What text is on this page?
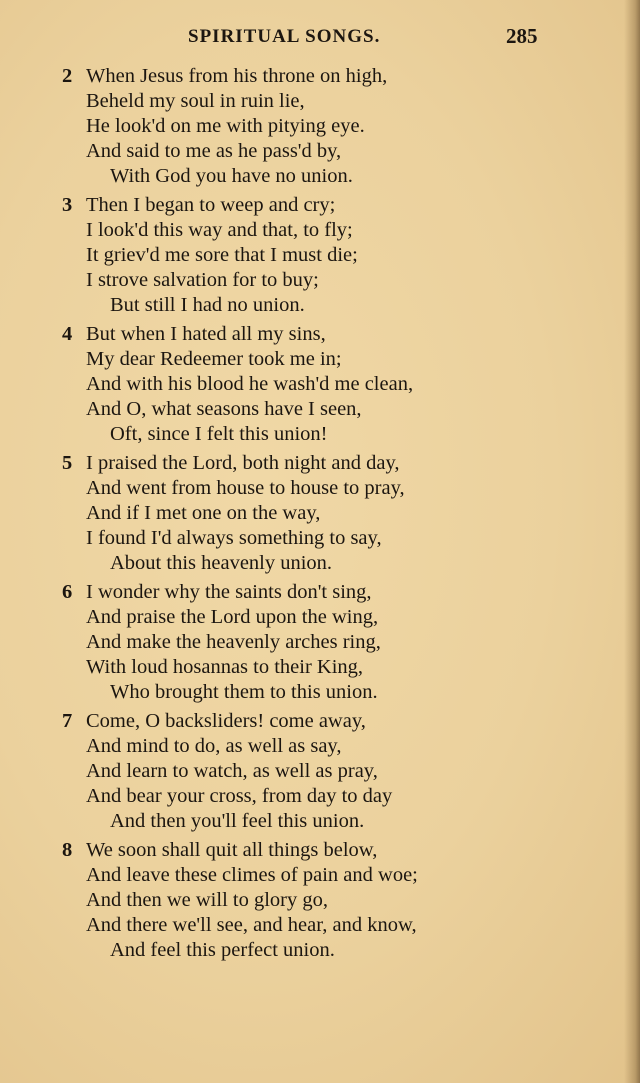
SPIRITUAL SONGS.	285
2 When Jesus from his throne on high,
Beheld my soul in ruin lie,
He look'd on me with pitying eye.
And said to me as he pass'd by,
With God you have no union.
3 Then I began to weep and cry;
I look'd this way and that, to fly;
It griev'd me sore that I must die;
I strove salvation for to buy;
But still I had no union.
4 But when I hated all my sins,
My dear Redeemer took me in;
And with his blood he wash'd me clean,
And O, what seasons have I seen,
Oft, since I felt this union!
5 I praised the Lord, both night and day,
And went from house to house to pray,
And if I met one on the way,
I found I'd always something to say,
About this heavenly union.
6 I wonder why the saints don't sing,
And praise the Lord upon the wing,
And make the heavenly arches ring,
With loud hosannas to their King,
Who brought them to this union.
7 Come, O backsliders! come away,
And mind to do, as well as say,
And learn to watch, as well as pray,
And bear your cross, from day to day
And then you'll feel this union.
8 We soon shall quit all things below,
And leave these climes of pain and woe;
And then we will to glory go,
And there we'll see, and hear, and know,
And feel this perfect union.
